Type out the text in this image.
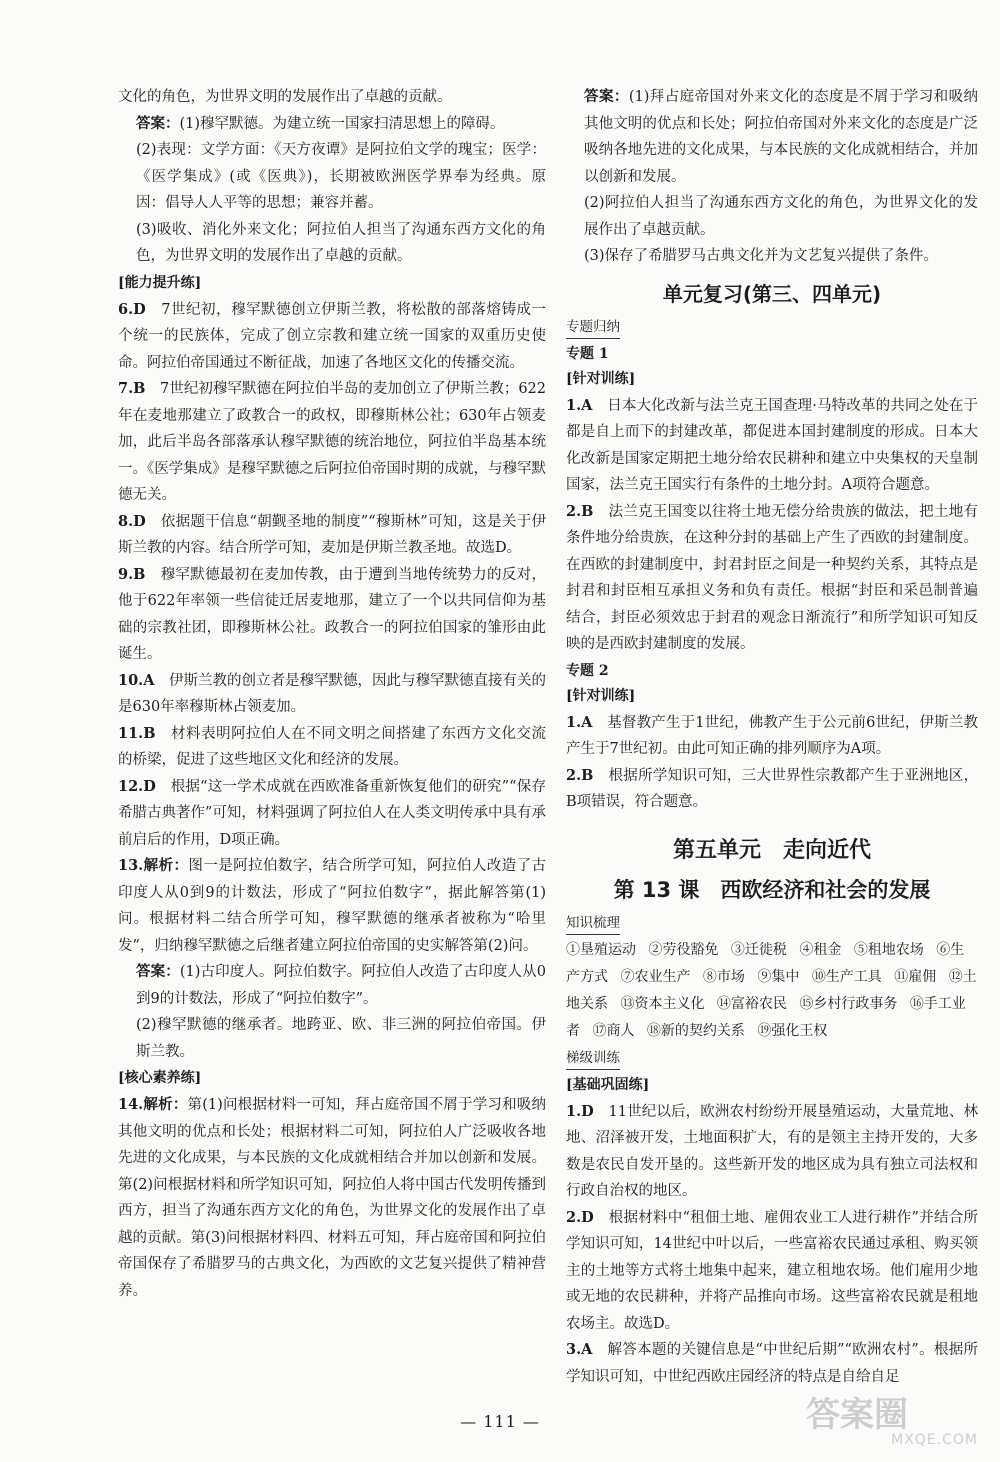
文化的角色，为世界文明的发展作出了卓越的贡献。

答案：(1)穆罕默德。为建立统一国家扫清思想上的障碍。

(2)表现：文学方面：《天方夜谭》是阿拉伯文学的瑰宝；医学：《医学集成》(或《医典》)，长期被欧洲医学界奉为经典。原因：倡导人人平等的思想；兼容并蓄。

(3)吸收、消化外来文化；阿拉伯人担当了沟通东西方文化的角色，为世界文明的发展作出了卓越的贡献。

[能力提升练]

6.D　 7世纪初，穆罕默德创立伊斯兰教，将松散的部落熔铸成一个统一的民族体，完成了创立宗教和建立统一国家的双重历史使命。阿拉伯帝国通过不断征战，加速了各地区文化的传播交流。

7.B　 7世纪初穆罕默德在阿拉伯半岛的麦加创立了伊斯兰教；622年在麦地那建立了政教合一的政权，即穆斯林公社；630年占领麦加，此后半岛各部落承认穆罕默德的统治地位，阿拉伯半岛基本统一。《医学集成》是穆罕默德之后阿拉伯帝国时期的成就，与穆罕默德无关。

8.D　 依据题干信息“朝觐圣地的制度”“穆斯林”可知，这是关于伊斯兰教的内容。结合所学可知，麦加是伊斯兰教圣地。故选D。

9.B　 穆罕默德最初在麦加传教，由于遭到当地传统势力的反对，他于622年率领一些信徒迁居麦地那，建立了一个以共同信仰为基础的宗教社团，即穆斯林公社。政教合一的阿拉伯国家的雏形由此诞生。

10.A　 伊斯兰教的创立者是穆罕默德，因此与穆罕默德直接有关的是630年率穆斯林占领麦加。

11.B　 材料表明阿拉伯人在不同文明之间搭建了东西方文化交流的桥梁，促进了这些地区文化和经济的发展。

12.D　 根据“这一学术成就在西欧准备重新恢复他们的研究”“保存希腊古典著作”可知，材料强调了阿拉伯人在人类文明传承中具有承前启后的作用，D项正确。

13.解析：图一是阿拉伯数字，结合所学可知，阿拉伯人改造了古印度人从0到9的计数法，形成了“阿拉伯数字”，据此解答第(1)问。根据材料二结合所学可知，穆罕默德的继承者被称为“哈里发”，归纳穆罕默德之后继者建立阿拉伯帝国的史实解答第(2)问。

答案：(1)古印度人。阿拉伯数字。阿拉伯人改造了古印度人从0到9的计数法，形成了“阿拉伯数字”。

(2)穆罕默德的继承者。地跨亚、欧、非三洲的阿拉伯帝国。伊斯兰教。

[核心素养练]

14.解析：第(1)问根据材料一可知，拜占庭帝国不屑于学习和吸纳其他文明的优点和长处；根据材料二可知，阿拉伯人广泛吸收各地先进的文化成果，与本民族的文化成就相结合并加以创新和发展。第(2)问根据材料和所学知识可知，阿拉伯人将中国古代发明传播到西方，担当了沟通东西方文化的角色，为世界文化的发展作出了卓越的贡献。第(3)问根据材料四、材料五可知，拜占庭帝国和阿拉伯帝国保存了希腊罗马的古典文化，为西欧的文艺复兴提供了精神营养。

答案：(1)拜占庭帝国对外来文化的态度是不屑于学习和吸纳其他文明的优点和长处；阿拉伯帝国对外来文化的态度是广泛吸纳各地先进的文化成果，与本民族的文化成就相结合，并加以创新和发展。

(2)阿拉伯人担当了沟通东西方文化的角色，为世界文化的发展作出了卓越贡献。

(3)保存了希腊罗马古典文化并为文艺复兴提供了条件。

单元复习(第三、四单元)
专题归纳
专题 1
[针对训练]

1.A　 日本大化改新与法兰克王国查理·马特改革的共同之处在于都是自上而下的封建改革，都促进本国封建制度的形成。日本大化改新是国家定期把土地分给农民耕种和建立中央集权的天皇制国家，法兰克王国实行有条件的土地分封。A项符合题意。

2.B　 法兰克王国变以往将土地无偿分给贵族的做法，把土地有条件地分给贵族，在这种分封的基础上产生了西欧的封建制度。在西欧的封建制度中，封君封臣之间是一种契约关系，其特点是封君和封臣相互承担义务和负有责任。根据“封臣和采邑制普遍结合，封臣必须效忠于封君的观念日渐流行”和所学知识可知反映的是西欧封建制度的发展。

专题 2
[针对训练]

1.A　 基督教产生于1世纪，佛教产生于公元前6世纪，伊斯兰教产生于7世纪初。由此可知正确的排列顺序为A项。

2.B　 根据所学知识可知，三大世界性宗教都产生于亚洲地区，B项错误，符合题意。

第五单元　走向近代
第 13 课　西欧经济和社会的发展
知识梳理
①垦殖运动 ②劳役豁免 ③迁徙税 ④租金 ⑤租地农场 ⑥生产方式 ⑦农业生产 ⑧市场 ⑨集中 ⑩生产工具 ⑪雇佣 ⑫土地关系 ⑬资本主义化 ⑭富裕农民 ⑮乡村行政事务 ⑯手工业者 ⑰商人 ⑱新的契约关系 ⑲强化王权
梯级训练
[基础巩固练]

1.D　 11世纪以后，欧洲农村纷纷开展垦殖运动，大量荒地、林地、沼泽被开发，土地面积扩大，有的是领主主持开发的，大多数是农民自发开垦的。这些新开发的地区成为具有独立司法权和行政自治权的地区。

2.D　 根据材料中“租佃土地、雇佣农业工人进行耕作”并结合所学知识可知，14世纪中叶以后，一些富裕农民通过承租、购买领主的土地等方式将土地集中起来，建立租地农场。他们雇用少地或无地的农民耕种，并将产品推向市场。这些富裕农民就是租地农场主。故选D。

3.A　 解答本题的关键信息是“中世纪后期”“欧洲农村”。根据所学知识可知，中世纪西欧庄园经济的特点是自给自足

— 111 —	答案圈
MXQE.COM
